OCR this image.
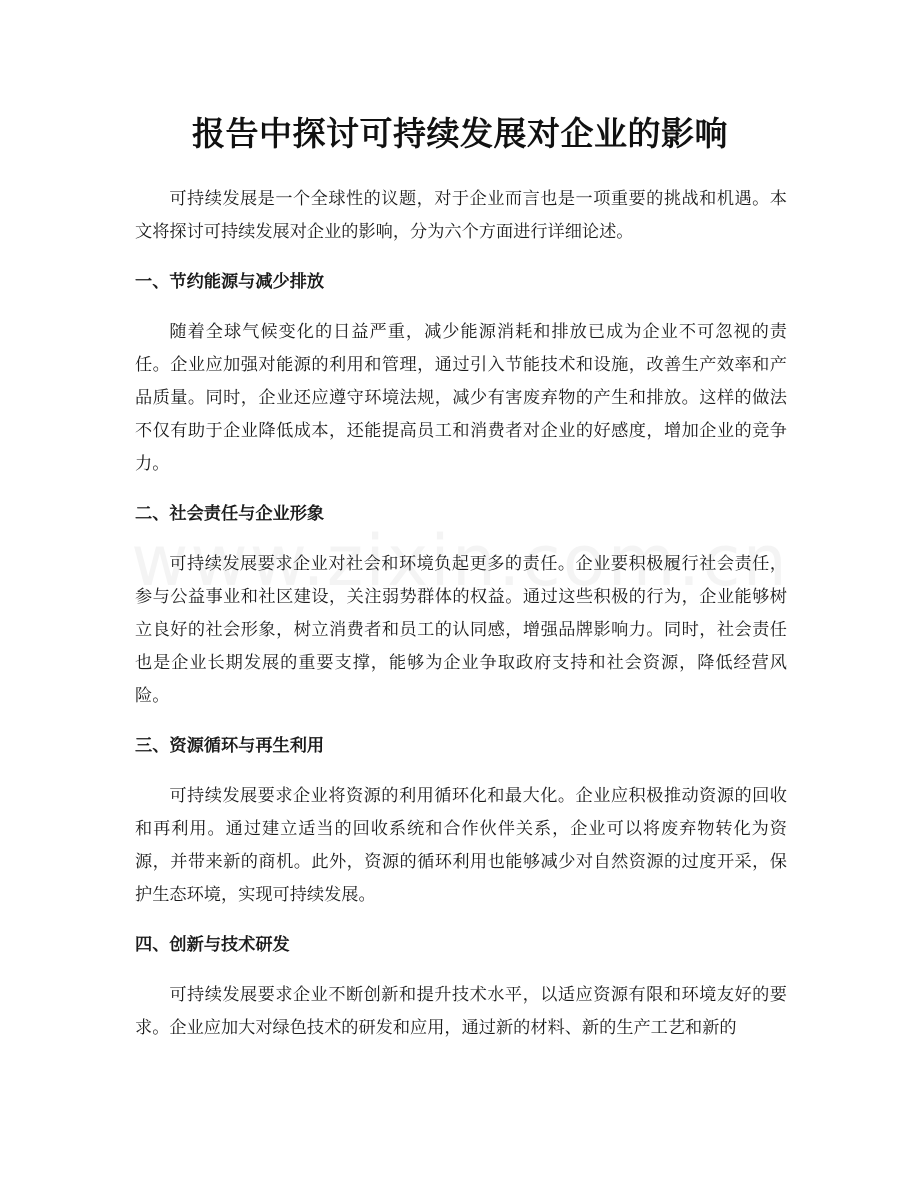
报告中探讨可持续发展对企业的影响

可持续发展是一个全球性的议题，对于企业而言也是一项重要的挑战和机遇。本文将探讨可持续发展对企业的影响，分为六个方面进行详细论述。

一、节约能源与减少排放

随着全球气候变化的日益严重，减少能源消耗和排放已成为企业不可忽视的责任。企业应加强对能源的利用和管理，通过引入节能技术和设施，改善生产效率和产品质量。同时，企业还应遵守环境法规，减少有害废弃物的产生和排放。这样的做法不仅有助于企业降低成本，还能提高员工和消费者对企业的好感度，增加企业的竞争力。

二、社会责任与企业形象

可持续发展要求企业对社会和环境负起更多的责任。企业要积极履行社会责任，参与公益事业和社区建设，关注弱势群体的权益。通过这些积极的行为，企业能够树立良好的社会形象，树立消费者和员工的认同感，增强品牌影响力。同时，社会责任也是企业长期发展的重要支撑，能够为企业争取政府支持和社会资源，降低经营风险。

三、资源循环与再生利用

可持续发展要求企业将资源的利用循环化和最大化。企业应积极推动资源的回收和再利用。通过建立适当的回收系统和合作伙伴关系，企业可以将废弃物转化为资源，并带来新的商机。此外，资源的循环利用也能够减少对自然资源的过度开采，保护生态环境，实现可持续发展。

四、创新与技术研发

可持续发展要求企业不断创新和提升技术水平，以适应资源有限和环境友好的要求。企业应加大对绿色技术的研发和应用，通过新的材料、新的生产工艺和新的
